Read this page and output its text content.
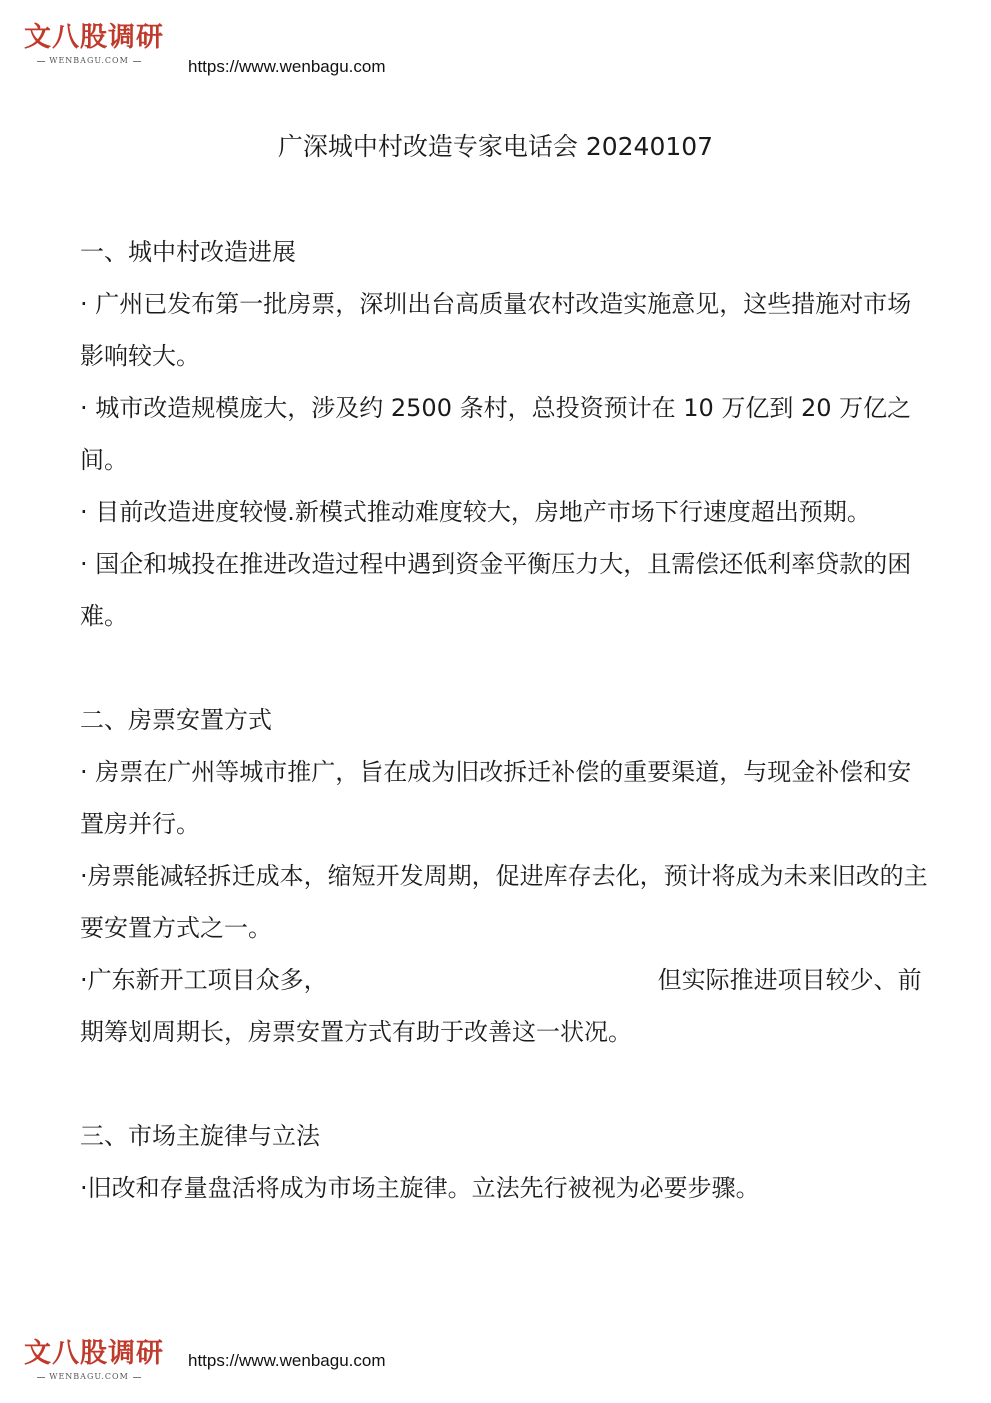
文八股调研
WENBAGU.COM	https://www.wenbagu.com
广深城中村改造专家电话会 20240107

一、城中村改造进展

· 广州已发布第一批房票，深圳出台高质量农村改造实施意见，这些措施对市场影响较大。

· 城市改造规模庞大，涉及约 2500 条村，总投资预计在 10 万亿到 20 万亿之间。

· 目前改造进度较慢.新模式推动难度较大，房地产市场下行速度超出预期。

· 国企和城投在推进改造过程中遇到资金平衡压力大，且需偿还低利率贷款的困难。

二、房票安置方式

· 房票在广州等城市推广，旨在成为旧改拆迁补偿的重要渠道，与现金补偿和安置房并行。

·房票能减轻拆迁成本，缩短开发周期，促进库存去化，预计将成为未来旧改的主要安置方式之一。

·广东新开工项目众多，	但实际推进项目较少、前期筹划周期长，房票安置方式有助于改善这一状况。

三、市场主旋律与立法

·旧改和存量盘活将成为市场主旋律。立法先行被视为必要步骤。

文八股调研
WENBAGU.COM
https://www.wenbagu.com
